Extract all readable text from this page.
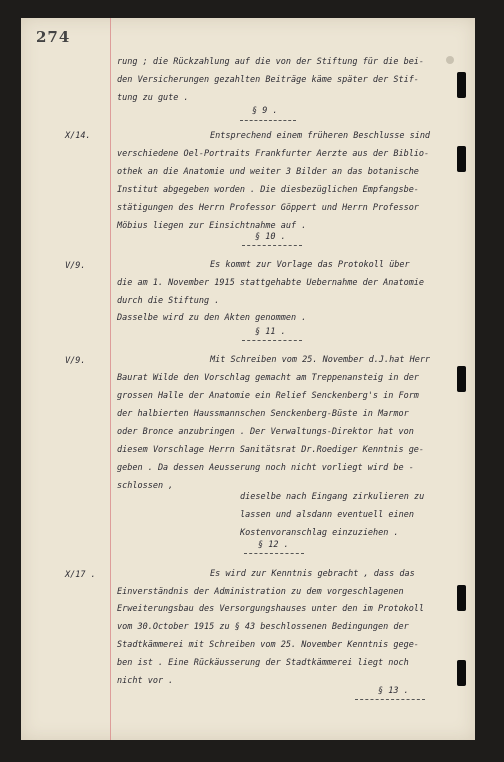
274
rung ; die Rückzahlung auf die von der Stiftung für die bei-
den Versicherungen gezahlten Beiträge käme später der Stif-
tung zu gute .
§ 9 .
X/14.	Entsprechend einem früheren Beschlusse sind
verschiedene Oel-Portraits Frankfurter Aerzte aus der Biblio-
othek an die Anatomie und weiter 3 Bilder an das botanische
Institut abgegeben worden . Die diesbezüglichen Empfangsbe-
stätigungen des Herrn Professor Göppert und Herrn Professor
Möbius liegen zur Einsichtnahme auf .
§ 10 .
V/9.	Es kommt zur Vorlage das Protokoll über
die am 1. November 1915 stattgehabte Uebernahme der Anatomie
durch die Stiftung .
Dasselbe wird zu den Akten genommen .
§ 11 .
V/9.	Mit Schreiben vom 25. November d.J.hat Herr
Baurat Wilde den Vorschlag gemacht am Treppenansteig in der
grossen Halle der Anatomie ein Relief Senckenberg's in Form
der halbierten Haussmannschen Senckenberg-Büste in Marmor
oder Bronce anzubringen . Der Verwaltungs-Direktor hat von
diesem Vorschlage Herrn Sanitätsrat Dr.Roediger Kenntnis ge-
geben . Da dessen Aeusserung noch nicht vorliegt wird be -
schlossen ,
dieselbe nach Eingang zirkulieren zu
lassen und alsdann eventuell einen
Kostenvoranschlag einzuziehen .
§ 12 .
X/17 .	Es wird zur Kenntnis gebracht , dass das
Einverständnis der Administration zu dem vorgeschlagenen
Erweiterungsbau des Versorgungshauses unter den im Protokoll
vom 30.October 1915 zu § 43 beschlossenen Bedingungen der
Stadtkämmerei mit Schreiben vom 25. November Kenntnis gege-
ben ist . Eine Rückäusserung der Stadtkämmerei liegt noch
nicht vor .
§ 13 .
